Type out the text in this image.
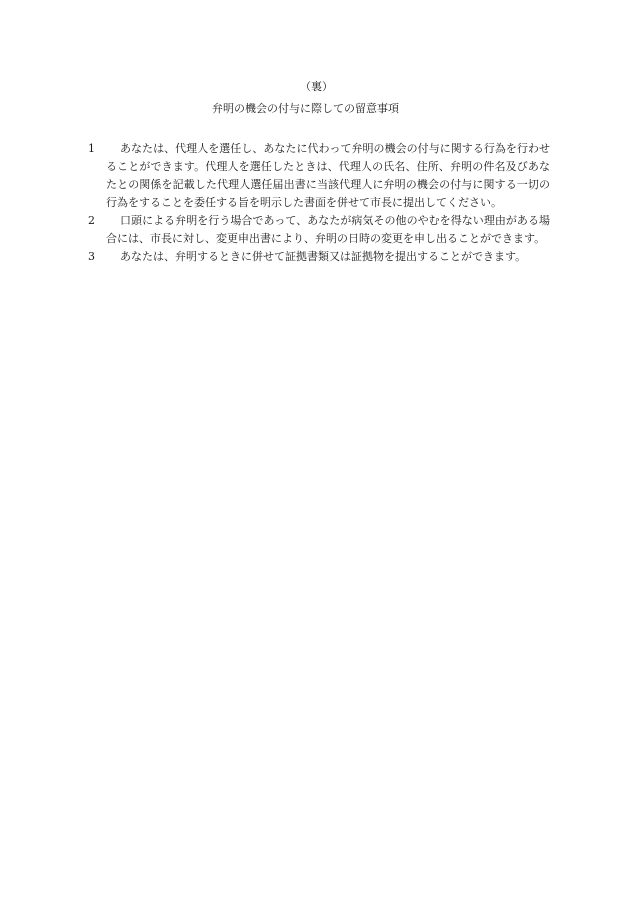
（裏）
弁明の機会の付与に際しての留意事項
1	あなたは、代理人を選任し、あなたに代わって弁明の機会の付与に関する行為を行わせることができます。代理人を選任したときは、代理人の氏名、住所、弁明の件名及びあなたとの関係を記載した代理人選任届出書に当該代理人に弁明の機会の付与に関する一切の行為をすることを委任する旨を明示した書面を併せて市長に提出してください。
2	口頭による弁明を行う場合であって、あなたが病気その他のやむを得ない理由がある場合には、市長に対し、変更申出書により、弁明の日時の変更を申し出ることができます。
3	あなたは、弁明するときに併せて証拠書類又は証拠物を提出することができます。
